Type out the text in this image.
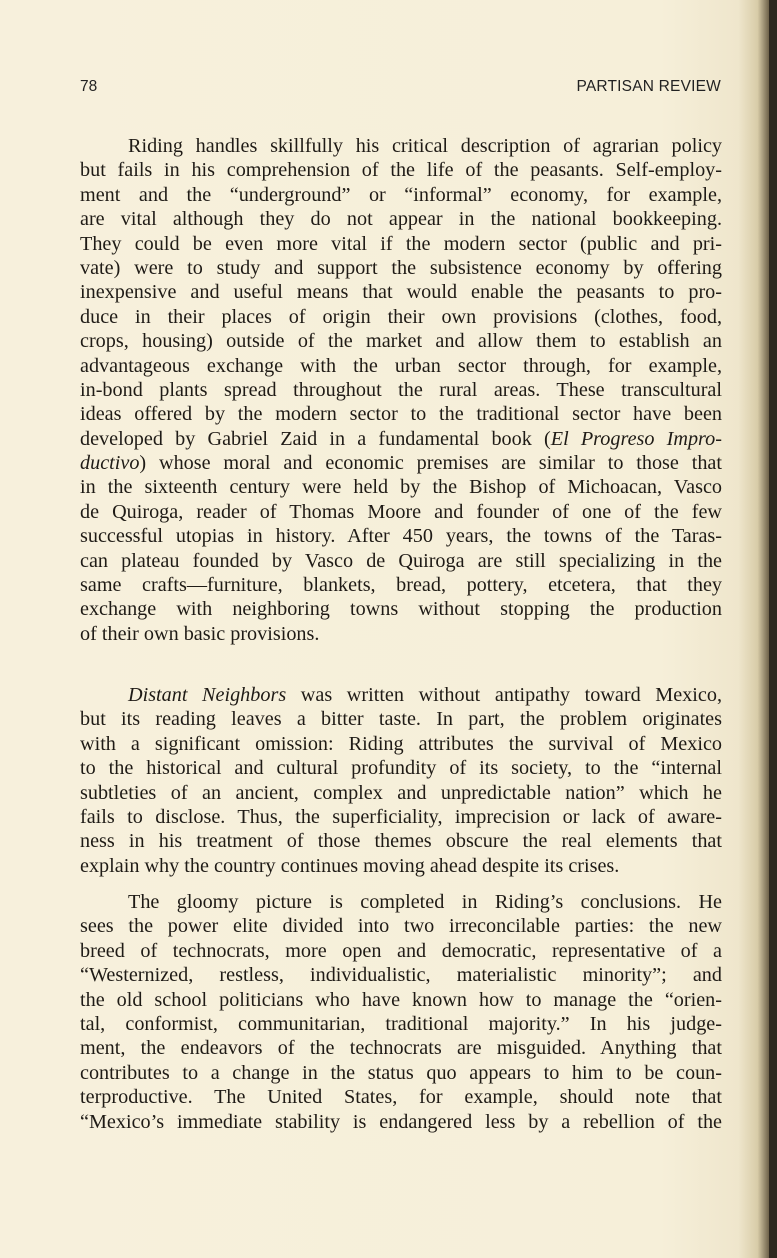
78	PARTISAN REVIEW
Riding handles skillfully his critical description of agrarian policy
but fails in his comprehension of the life of the peasants. Self-employ-
ment and the “underground” or “informal” economy, for example,
are vital although they do not appear in the national bookkeeping.
They could be even more vital if the modern sector (public and pri-
vate) were to study and support the subsistence economy by offering
inexpensive and useful means that would enable the peasants to pro-
duce in their places of origin their own provisions (clothes, food,
crops, housing) outside of the market and allow them to establish an
advantageous exchange with the urban sector through, for example,
in-bond plants spread throughout the rural areas. These transcultural
ideas offered by the modern sector to the traditional sector have been
developed by Gabriel Zaid in a fundamental book (El Progreso Impro-
ductivo) whose moral and economic premises are similar to those that
in the sixteenth century were held by the Bishop of Michoacan, Vasco
de Quiroga, reader of Thomas Moore and founder of one of the few
successful utopias in history. After 450 years, the towns of the Taras-
can plateau founded by Vasco de Quiroga are still specializing in the
same crafts—furniture, blankets, bread, pottery, etcetera, that they
exchange with neighboring towns without stopping the production
of their own basic provisions.
Distant Neighbors was written without antipathy toward Mexico,
but its reading leaves a bitter taste. In part, the problem originates
with a significant omission: Riding attributes the survival of Mexico
to the historical and cultural profundity of its society, to the “internal
subtleties of an ancient, complex and unpredictable nation” which he
fails to disclose. Thus, the superficiality, imprecision or lack of aware-
ness in his treatment of those themes obscure the real elements that
explain why the country continues moving ahead despite its crises.
The gloomy picture is completed in Riding’s conclusions. He
sees the power elite divided into two irreconcilable parties: the new
breed of technocrats, more open and democratic, representative of a
“Westernized, restless, individualistic, materialistic minority”; and
the old school politicians who have known how to manage the “orien-
tal, conformist, communitarian, traditional majority.” In his judge-
ment, the endeavors of the technocrats are misguided. Anything that
contributes to a change in the status quo appears to him to be coun-
terproductive. The United States, for example, should note that
“Mexico’s immediate stability is endangered less by a rebellion of the
